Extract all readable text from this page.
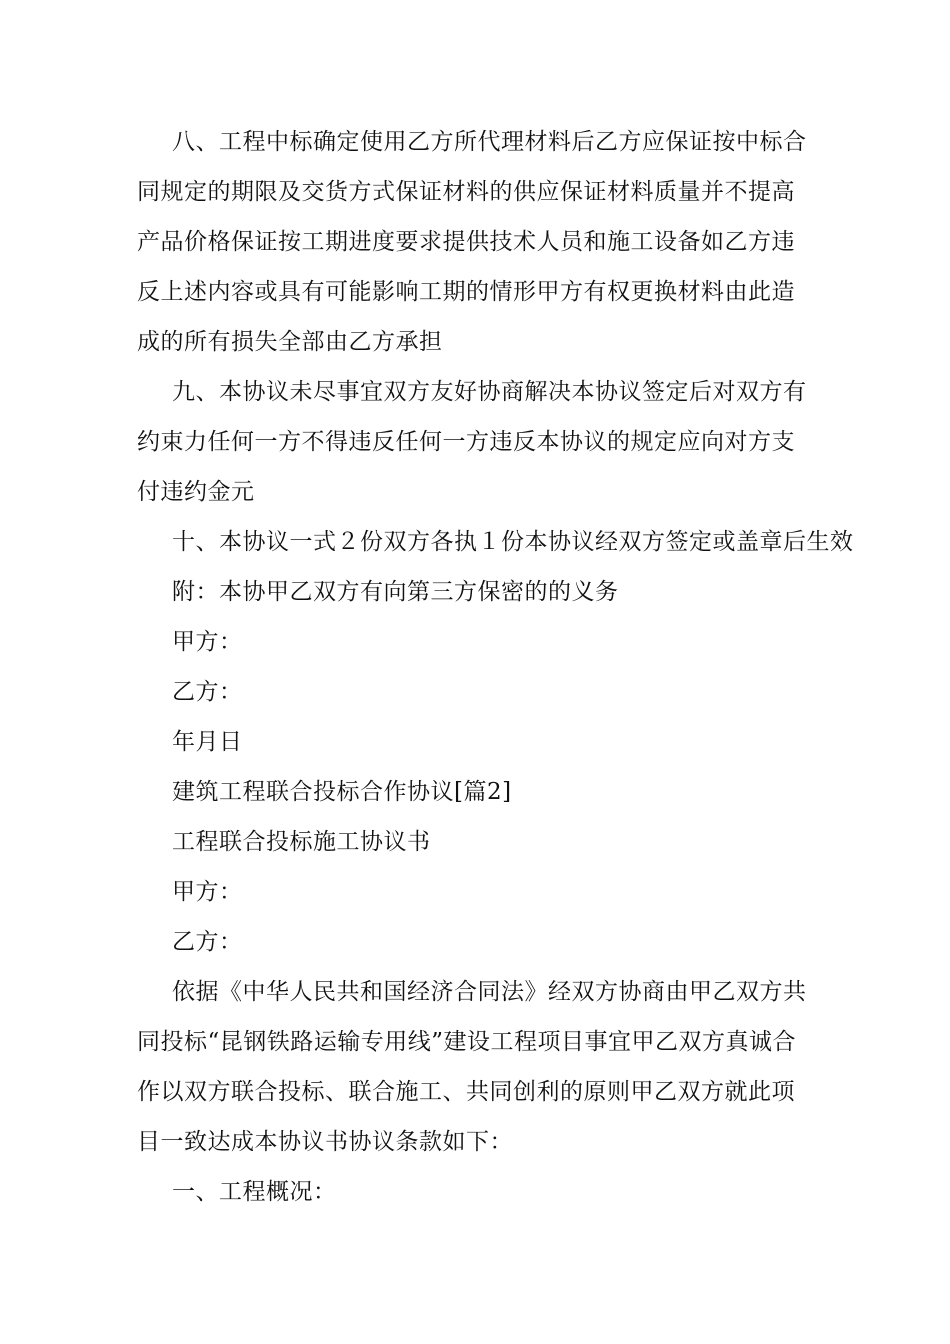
八、工程中标确定使用乙方所代理材料后乙方应保证按中标合同规定的期限及交货方式保证材料的供应保证材料质量并不提高产品价格保证按工期进度要求提供技术人员和施工设备如乙方违反上述内容或具有可能影响工期的情形甲方有权更换材料由此造成的所有损失全部由乙方承担

九、本协议未尽事宜双方友好协商解决本协议签定后对双方有约束力任何一方不得违反任何一方违反本协议的规定应向对方支付违约金元

十、本协议一式２份双方各执１份本协议经双方签定或盖章后生效

附：本协甲乙双方有向第三方保密的的义务

甲方：

乙方：

年月日

建筑工程联合投标合作协议[篇2]

工程联合投标施工协议书

甲方：

乙方：

依据《中华人民共和国经济合同法》经双方协商由甲乙双方共同投标“昆钢铁路运输专用线”建设工程项目事宜甲乙双方真诚合作以双方联合投标、联合施工、共同创利的原则甲乙双方就此项目一致达成本协议书协议条款如下：

一、工程概况：
